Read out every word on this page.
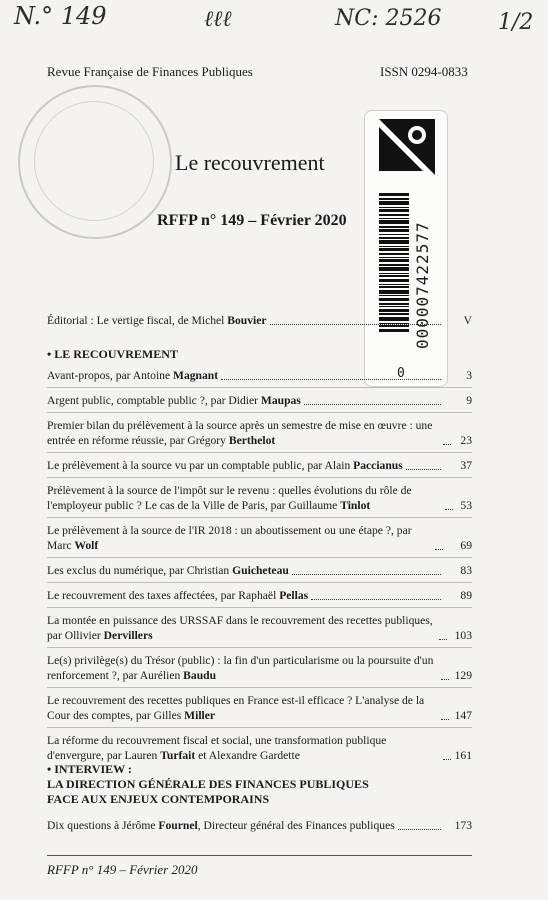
N.° 149	ℓℓℓ	NC: 2526	1/2
Revue Française de Finances Publiques	ISSN 0294-0833
Le recouvrement
RFFP n° 149 – Février 2020
000007422577
0
Éditorial : Le vertige fiscal, de Michel Bouvier	V
• LE RECOUVREMENT
Avant-propos, par Antoine Magnant	3
Argent public, comptable public ?, par Didier Maupas	9
Premier bilan du prélèvement à la source après un semestre de mise en œuvre : une entrée en réforme réussie, par Grégory Berthelot	23
Le prélèvement à la source vu par un comptable public, par Alain Paccianus	37
Prélèvement à la source de l'impôt sur le revenu : quelles évolutions du rôle de l'employeur public ? Le cas de la Ville de Paris, par Guillaume Tinlot	53
Le prélèvement à la source de l'IR 2018 : un aboutissement ou une étape ?, par Marc Wolf	69
Les exclus du numérique, par Christian Guicheteau	83
Le recouvrement des taxes affectées, par Raphaël Pellas	89
La montée en puissance des URSSAF dans le recouvrement des recettes publiques, par Ollivier Dervillers	103
Le(s) privilège(s) du Trésor (public) : la fin d'un particularisme ou la poursuite d'un renforcement ?, par Aurélien Baudu	129
Le recouvrement des recettes publiques en France est-il efficace ? L'analyse de la Cour des comptes, par Gilles Miller	147
La réforme du recouvrement fiscal et social, une transformation publique d'envergure, par Lauren Turfait et Alexandre Gardette	161
• INTERVIEW :
LA DIRECTION GÉNÉRALE DES FINANCES PUBLIQUES
FACE AUX ENJEUX CONTEMPORAINS
Dix questions à Jérôme Fournel, Directeur général des Finances publiques	173
RFFP n° 149 – Février 2020
